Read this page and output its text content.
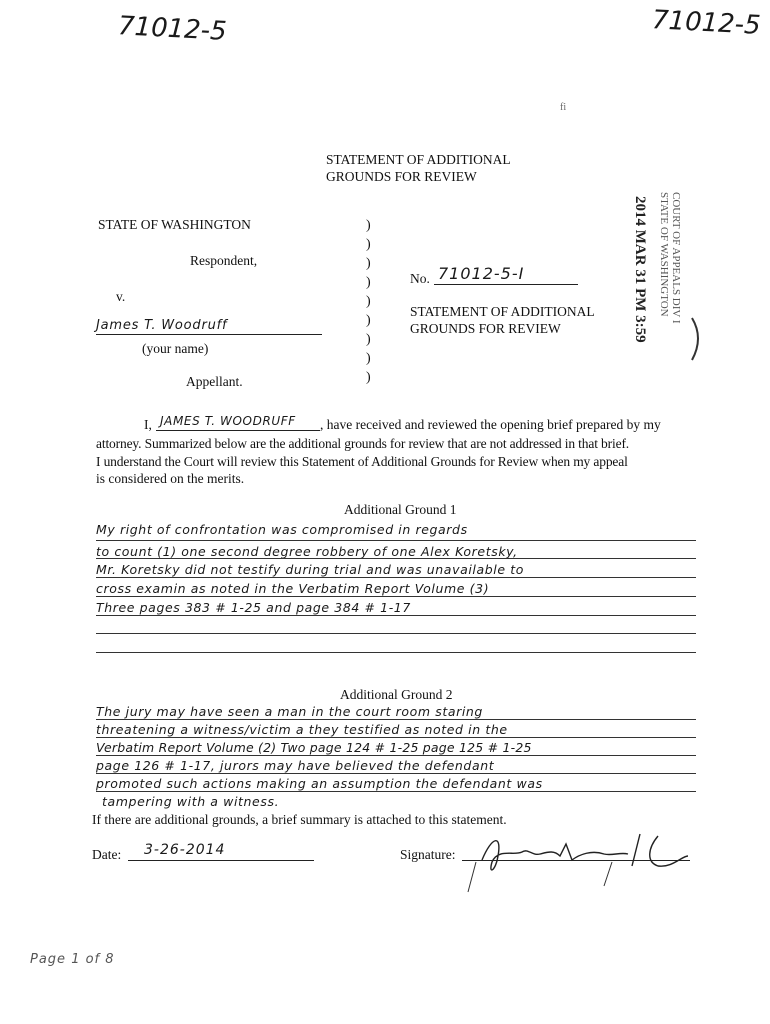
71012-5	71012-5
fi
STATEMENT OF ADDITIONAL
GROUNDS FOR REVIEW
STATE OF WASHINGTON
Respondent,
v.
James T. Woodruff
(your name)
Appellant.
)
)
)
)
)
)
)
)
)
No. 71012-5-I
STATEMENT OF ADDITIONAL
GROUNDS FOR REVIEW	2014 MAR 31 PM 3:59 COURT OF APPEALS DIV I
STATE OF WASHINGTON
I, JAMES T. WOODRUFF , have received and reviewed the opening brief prepared by my
attorney. Summarized below are the additional grounds for review that are not addressed in that brief.
I understand the Court will review this Statement of Additional Grounds for Review when my appeal
is considered on the merits.
Additional Ground 1
My right of confrontation was compromised in regards
to count (1) one second degree robbery of one Alex Koretsky,
Mr. Koretsky did not testify during trial and was unavailable to
cross examin as noted in the Verbatim Report Volume (3)
Three pages 383 # 1-25 and page 384 # 1-17
Additional Ground 2
The jury may have seen a man in the court room staring
threatening a witness/victim a they testified as noted in the
Verbatim Report Volume (2) Two page 124 # 1-25 page 125 # 1-25
page 126 # 1-17, jurors may have believed the defendant
promoted such actions making an assumption the defendant was
tampering with a witness.
If there are additional grounds, a brief summary is attached to this statement.
Date: 3-26-2014	Signature:
Page 1 of 8
